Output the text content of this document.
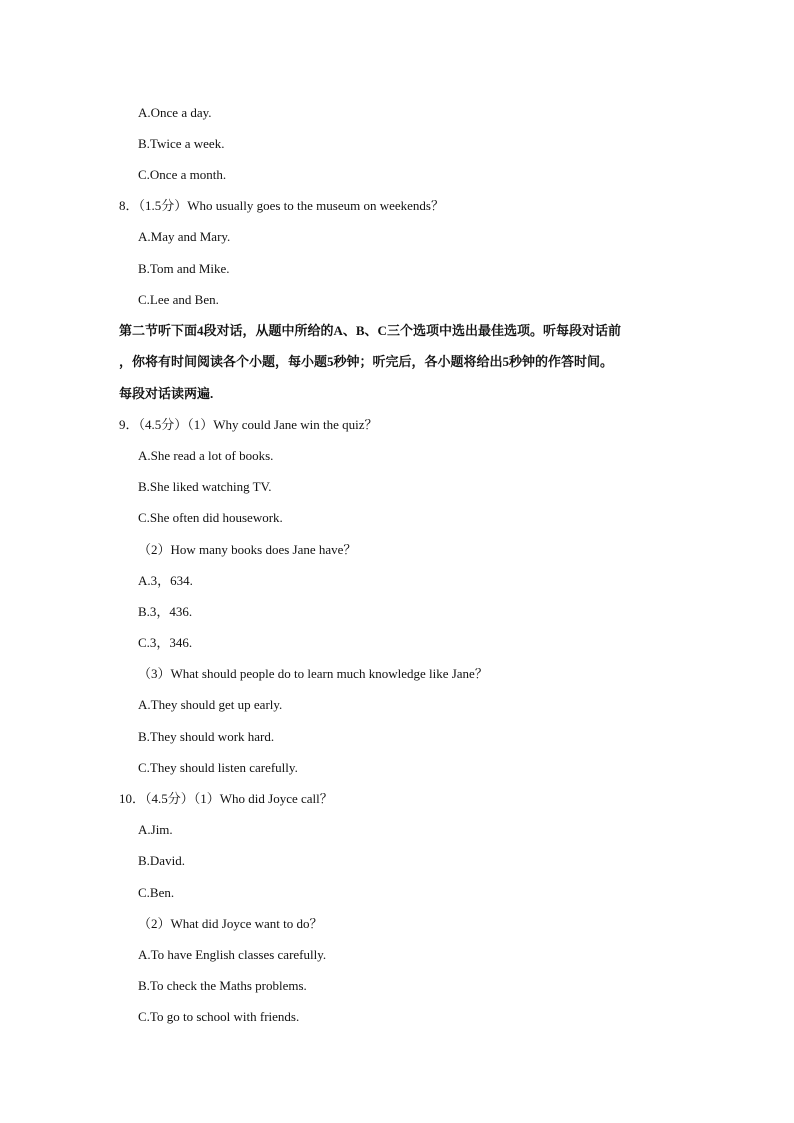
A.Once a day.
B.Twice a week.
C.Once a month.
8．（1.5分）Who usually goes to the museum on weekends？
A.May and Mary.
B.Tom and Mike.
C.Lee and Ben.
第二节听下面4段对话，从题中所给的A、B、C三个选项中选出最佳选项。听每段对话前
，你将有时间阅读各个小题，每小题5秒钟；听完后，各小题将给出5秒钟的作答时间。
每段对话读两遍.
9．（4.5分）（1）Why could Jane win the quiz？
A.She read a lot of books.
B.She liked watching TV.
C.She often did housework.
（2）How many books does Jane have？
A.3，634.
B.3，436.
C.3，346.
（3）What should people do to learn much knowledge like Jane？
A.They should get up early.
B.They should work hard.
C.They should listen carefully.
10．（4.5分）（1）Who did Joyce call？
A.Jim.
B.David.
C.Ben.
（2）What did Joyce want to do？
A.To have English classes carefully.
B.To check the Maths problems.
C.To go to school with friends.
